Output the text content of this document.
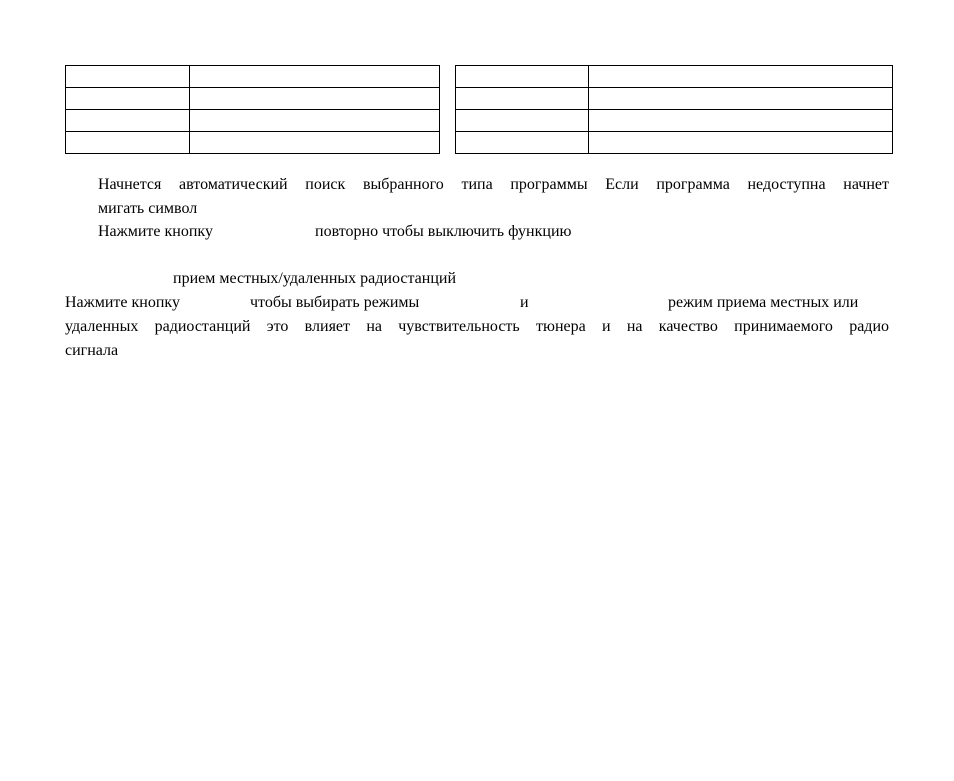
Начнется автоматический поиск выбранного типа программы Если программа недоступна начнет
мигать символ
Нажмите кнопку	повторно чтобы выключить функцию
прием местных/удаленных радиостанций
Нажмите кнопку	чтобы выбирать режимы	и	режим приема местных или
удаленных радиостанций это влияет на чувствительность тюнера и на качество принимаемого радио
сигнала
